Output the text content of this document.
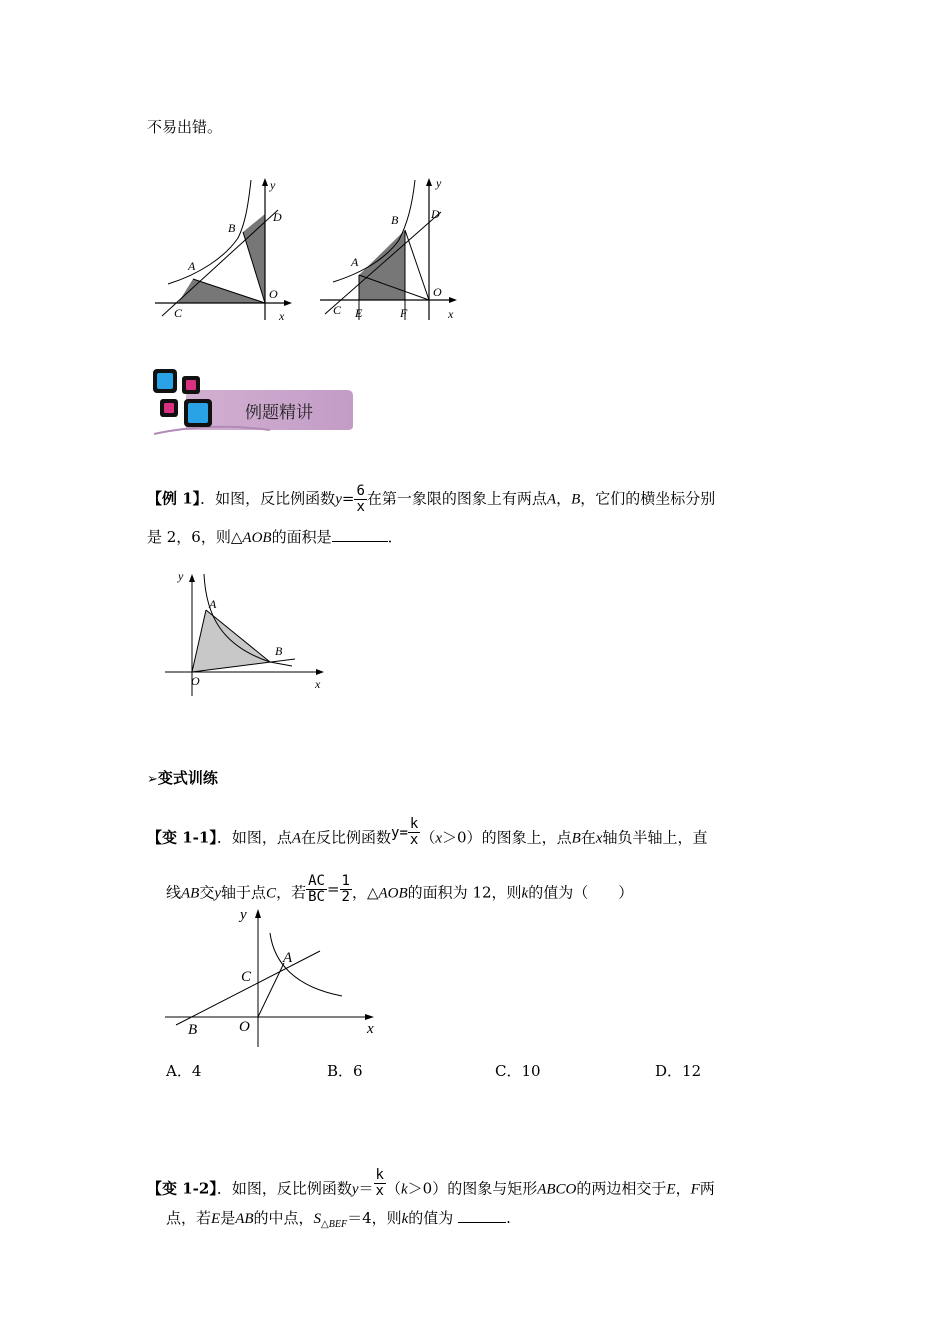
不易出错。
B
D
A
O
C	x
y
B	D
A
O
C E	F	x
y
例题精讲
【例 1】．如图，反比例函数$y= \frac{6}{x}$ 在第一象限的图象上有两点A，B，它们的横坐标分别
是 2，6，则△AOB的面积是	．
y
A
B
O	x
➢变式训练
【变 1-1】．如图，点A在反比例函数$y= \frac{k}{x} (x>0)$的图象上，点B在x轴负半轴上，直
线AB交y轴于点C，若 $\frac{AC}{BC} = \frac{1}{2}$ ，△AOB的面积为 12，则k的值为（　　）
y
A
C
B	O	x
A．4	B．6	C．10	D．12
【变 1-2】．如图，反比例函数$y= \frac{k}{x} (k>0)$的图象与矩形ABCO的两边相交于E，F两
点，若E是AB的中点，$S_{\triangle BEF}=4$，则k的值为	.
